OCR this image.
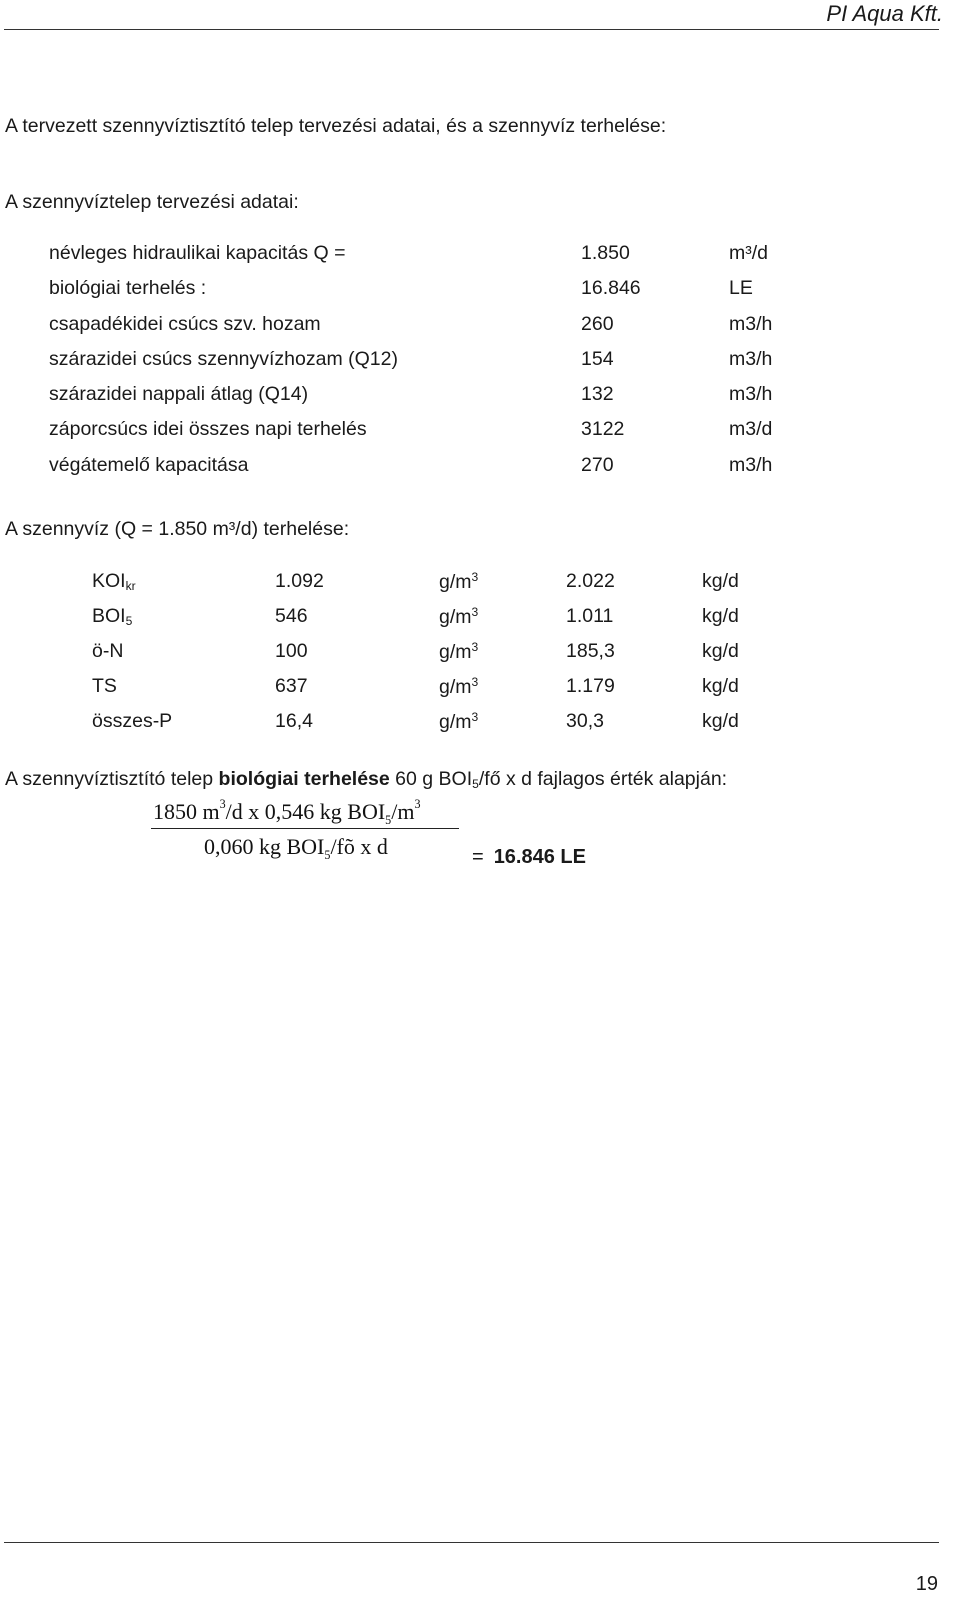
PI Aqua Kft.
A tervezett szennyvíztisztító telep tervezési adatai, és a szennyvíz terhelése:
A szennyvíztelep tervezési adatai:
névleges hidraulikai kapacitás Q =	1.850	m³/d
biológiai terhelés :	16.846	LE
csapadékidei csúcs szv. hozam	260	m3/h
szárazidei csúcs szennyvízhozam (Q12)	154	m3/h
szárazidei nappali átlag (Q14)	132	m3/h
záporcsúcs idei összes napi terhelés	3122	m3/d
végátemelő kapacitása	270	m3/h
A szennyvíz (Q = 1.850 m³/d) terhelése:
$KOI_{kr}$	1.092	$g/m^3$	2.022	kg/d
$BOI_5$	546	$g/m^3$	1.011	kg/d
ö-N	100	$g/m^3$	185,3	kg/d
TS	637	$g/m^3$	1.179	kg/d
összes-P	16,4	$g/m^3$	30,3	kg/d
A szennyvíztisztító telep biológiai terhelése 60 g $BOI_5/fő$ x d fajlagos érték alapján:
1850 $m^3/d$ x 0,546 kg $BOI_5/m^3$
0,060 kg $BOI_5/fõ$ x d	= 16.846 LE
19
